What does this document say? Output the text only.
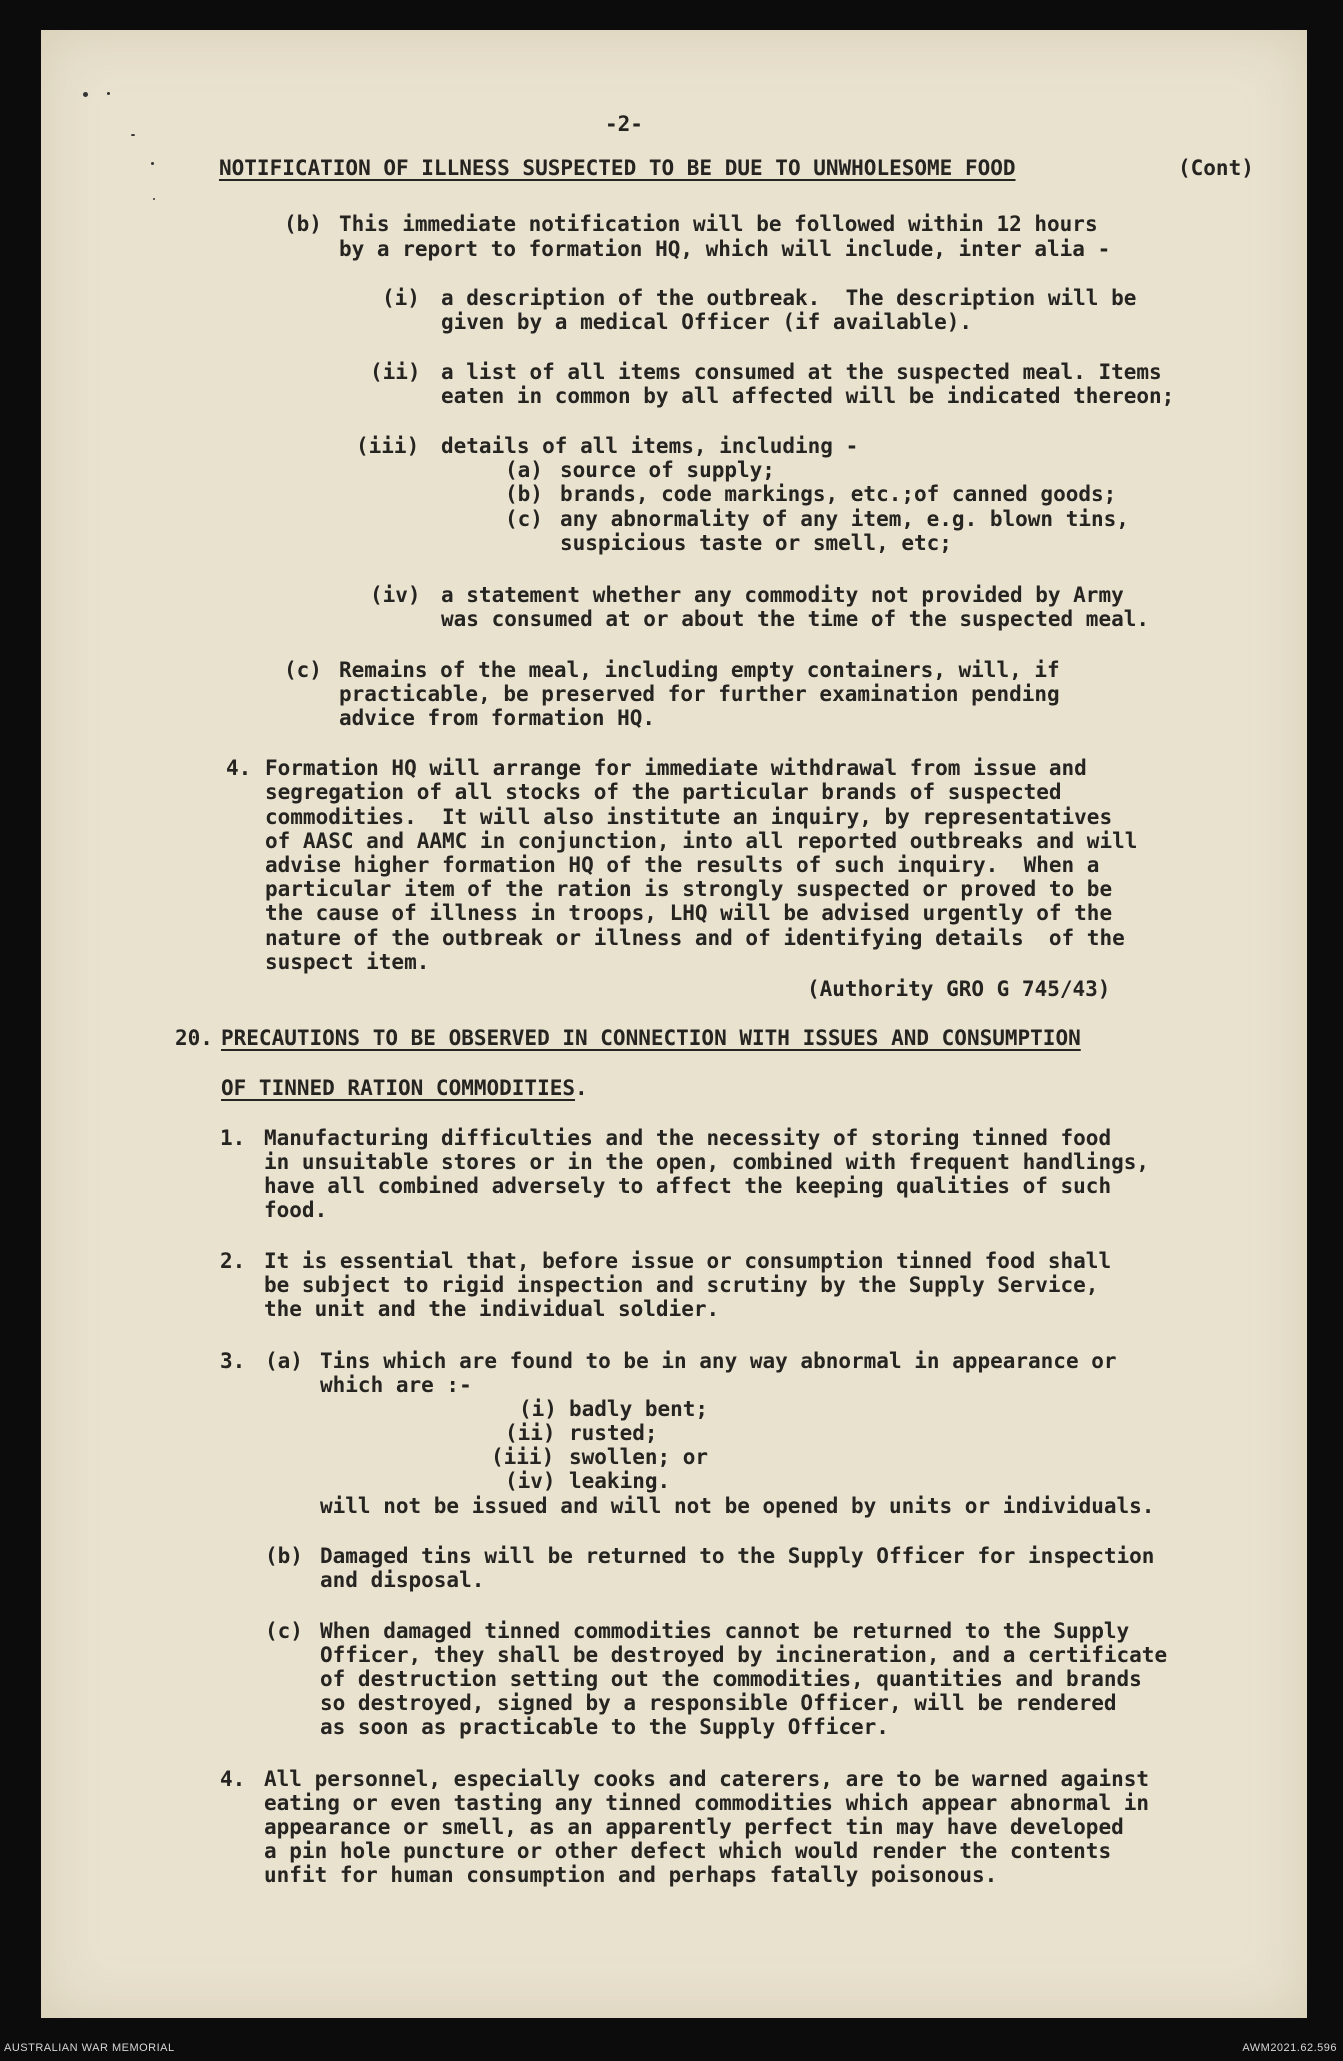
-2-
NOTIFICATION OF ILLNESS SUSPECTED TO BE DUE TO UNWHOLESOME FOOD	(Cont)
(b) This immediate notification will be followed within 12 hours
by a report to formation HQ, which will include, inter alia -
(i) a description of the outbreak.  The description will be
given by a medical Officer (if available).
(ii) a list of all items consumed at the suspected meal. Items
eaten in common by all affected will be indicated thereon;
(iii) details of all items, including -
(a) source of supply;
(b) brands, code markings, etc.;of canned goods;
(c) any abnormality of any item, e.g. blown tins,
suspicious taste or smell, etc;
(iv) a statement whether any commodity not provided by Army
was consumed at or about the time of the suspected meal.
(c) Remains of the meal, including empty containers, will, if
practicable, be preserved for further examination pending
advice from formation HQ.
4. Formation HQ will arrange for immediate withdrawal from issue and
segregation of all stocks of the particular brands of suspected
commodities.  It will also institute an inquiry, by representatives
of AASC and AAMC in conjunction, into all reported outbreaks and will
advise higher formation HQ of the results of such inquiry.  When a
particular item of the ration is strongly suspected or proved to be
the cause of illness in troops, LHQ will be advised urgently of the
nature of the outbreak or illness and of identifying details  of the
suspect item.
(Authority GRO G 745/43)
20. PRECAUTIONS TO BE OBSERVED IN CONNECTION WITH ISSUES AND CONSUMPTION
OF TINNED RATION COMMODITIES.
1. Manufacturing difficulties and the necessity of storing tinned food
in unsuitable stores or in the open, combined with frequent handlings,
have all combined adversely to affect the keeping qualities of such
food.
2. It is essential that, before issue or consumption tinned food shall
be subject to rigid inspection and scrutiny by the Supply Service,
the unit and the individual soldier.
3. (a) Tins which are found to be in any way abnormal in appearance or
which are :-
(i) badly bent;
(ii) rusted;
(iii) swollen; or
(iv) leaking.
will not be issued and will not be opened by units or individuals.
(b) Damaged tins will be returned to the Supply Officer for inspection
and disposal.
(c) When damaged tinned commodities cannot be returned to the Supply
Officer, they shall be destroyed by incineration, and a certificate
of destruction setting out the commodities, quantities and brands
so destroyed, signed by a responsible Officer, will be rendered
as soon as practicable to the Supply Officer.
4. All personnel, especially cooks and caterers, are to be warned against
eating or even tasting any tinned commodities which appear abnormal in
appearance or smell, as an apparently perfect tin may have developed
a pin hole puncture or other defect which would render the contents
unfit for human consumption and perhaps fatally poisonous.
AUSTRALIAN WAR MEMORIAL	AWM2021.62.596
